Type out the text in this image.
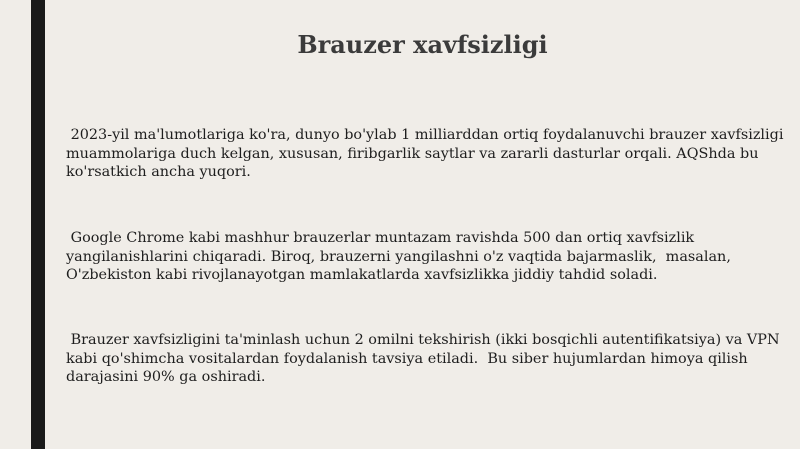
Brauzer xavfsizligi

2023-yil ma'lumotlariga ko'ra, dunyo bo'ylab 1 milliarddan ortiq foydalanuvchi brauzer xavfsizligi muammolariga duch kelgan, xususan, firibgarlik saytlar va zararli dasturlar orqali. AQShda bu ko'rsatkich ancha yuqori.

Google Chrome kabi mashhur brauzerlar muntazam ravishda 500 dan ortiq xavfsizlik yangilanishlarini chiqaradi. Biroq, brauzerni yangilashni o'z vaqtida bajarmaslik,  masalan, O'zbekiston kabi rivojlanayotgan mamlakatlarda xavfsizlikka jiddiy tahdid soladi.

Brauzer xavfsizligini ta'minlash uchun 2 omilni tekshirish (ikki bosqichli autentifikatsiya) va VPN kabi qo'shimcha vositalardan foydalanish tavsiya etiladi.  Bu siber hujumlardan himoya qilish darajasini 90% ga oshiradi.
